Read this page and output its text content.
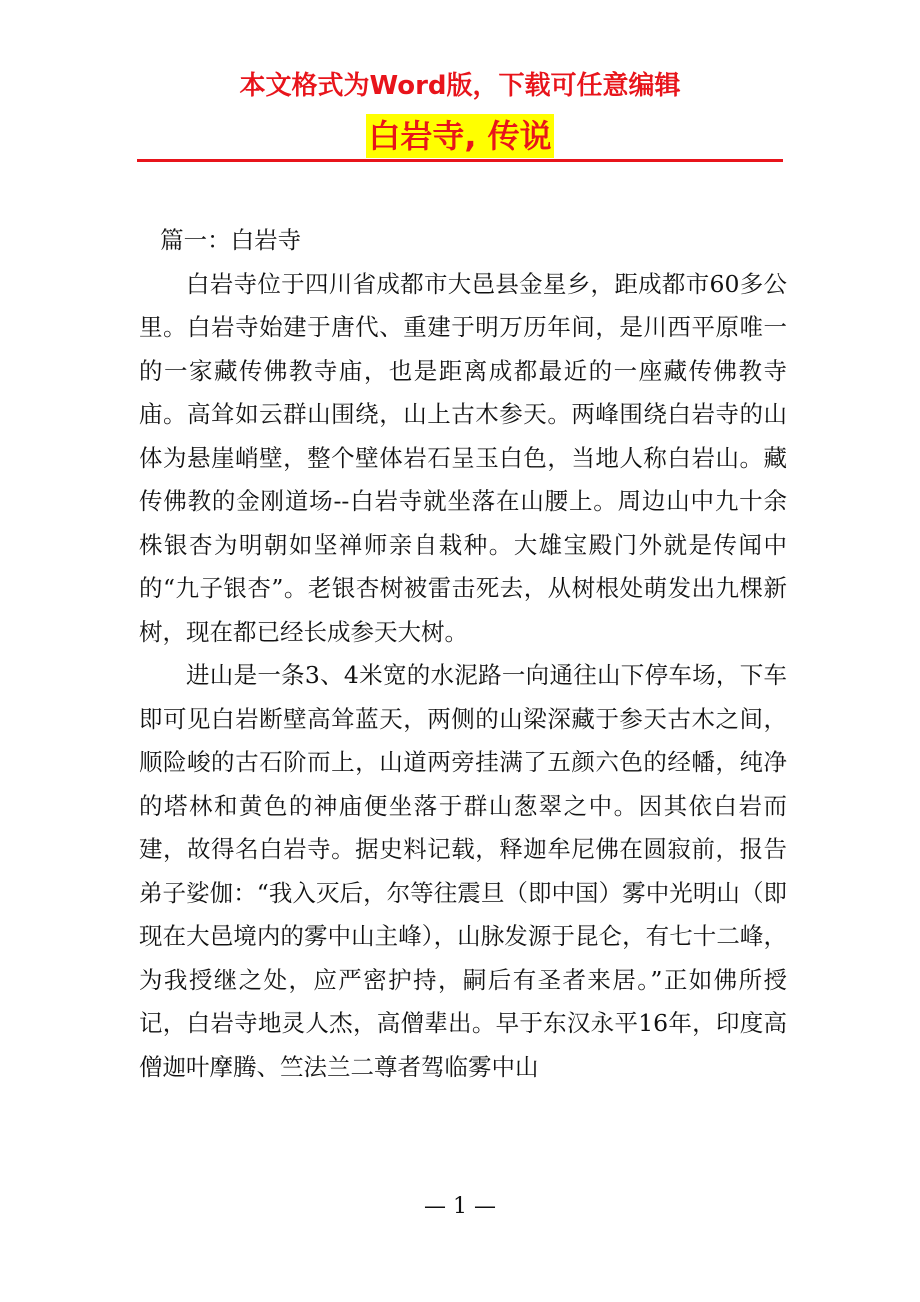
本文格式为Word版，下载可任意编辑
白岩寺, 传说

篇一：白岩寺

白岩寺位于四川省成都市大邑县金星乡，距成都市60多公里。白岩寺始建于唐代、重建于明万历年间，是川西平原唯一的一家藏传佛教寺庙，也是距离成都最近的一座藏传佛教寺庙。高耸如云群山围绕，山上古木参天。两峰围绕白岩寺的山体为悬崖峭壁，整个壁体岩石呈玉白色，当地人称白岩山。藏传佛教的金刚道场--白岩寺就坐落在山腰上。周边山中九十余株银杏为明朝如坚禅师亲自栽种。大雄宝殿门外就是传闻中的“九子银杏”。老银杏树被雷击死去，从树根处萌发出九棵新树，现在都已经长成参天大树。

进山是一条3、4米宽的水泥路一向通往山下停车场，下车即可见白岩断壁高耸蓝天，两侧的山梁深藏于参天古木之间，顺险峻的古石阶而上，山道两旁挂满了五颜六色的经幡，纯净的塔林和黄色的神庙便坐落于群山葱翠之中。因其依白岩而建，故得名白岩寺。据史料记载，释迦牟尼佛在圆寂前，报告弟子娑伽：“我入灭后，尔等往震旦（即中国）雾中光明山（即现在大邑境内的雾中山主峰），山脉发源于昆仑，有七十二峰，为我授继之处，应严密护持，嗣后有圣者来居。”正如佛所授记，白岩寺地灵人杰，高僧辈出。早于东汉永平16年，印度高僧迦叶摩腾、竺法兰二尊者驾临雾中山

— 1 —
